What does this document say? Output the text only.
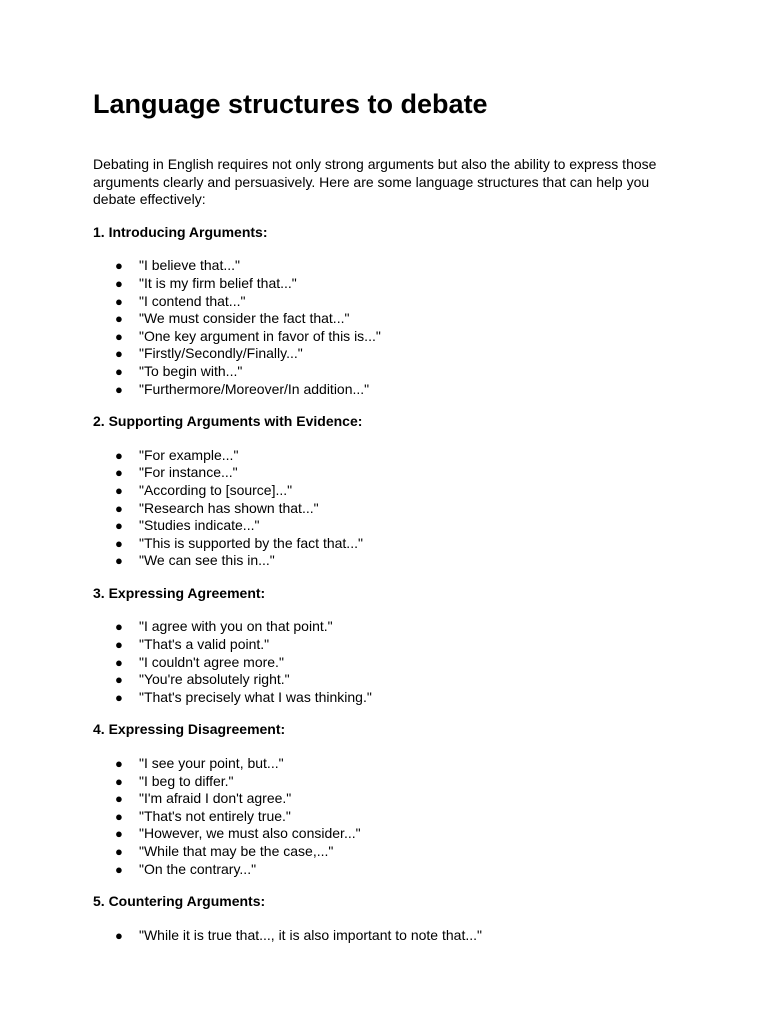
Language structures to debate

Debating in English requires not only strong arguments but also the ability to express those arguments clearly and persuasively. Here are some language structures that can help you debate effectively:

1. Introducing Arguments:
● "I believe that..."
● "It is my firm belief that..."
● "I contend that..."
● "We must consider the fact that..."
● "One key argument in favor of this is..."
● "Firstly/Secondly/Finally..."
● "To begin with..."
● "Furthermore/Moreover/In addition..."
2. Supporting Arguments with Evidence:
● "For example..."
● "For instance..."
● "According to [source]..."
● "Research has shown that..."
● "Studies indicate..."
● "This is supported by the fact that..."
● "We can see this in..."
3. Expressing Agreement:
● "I agree with you on that point."
● "That's a valid point."
● "I couldn't agree more."
● "You're absolutely right."
● "That's precisely what I was thinking."
4. Expressing Disagreement:
● "I see your point, but..."
● "I beg to differ."
● "I'm afraid I don't agree."
● "That's not entirely true."
● "However, we must also consider..."
● "While that may be the case,..."
● "On the contrary..."
5. Countering Arguments:
● "While it is true that..., it is also important to note that..."
